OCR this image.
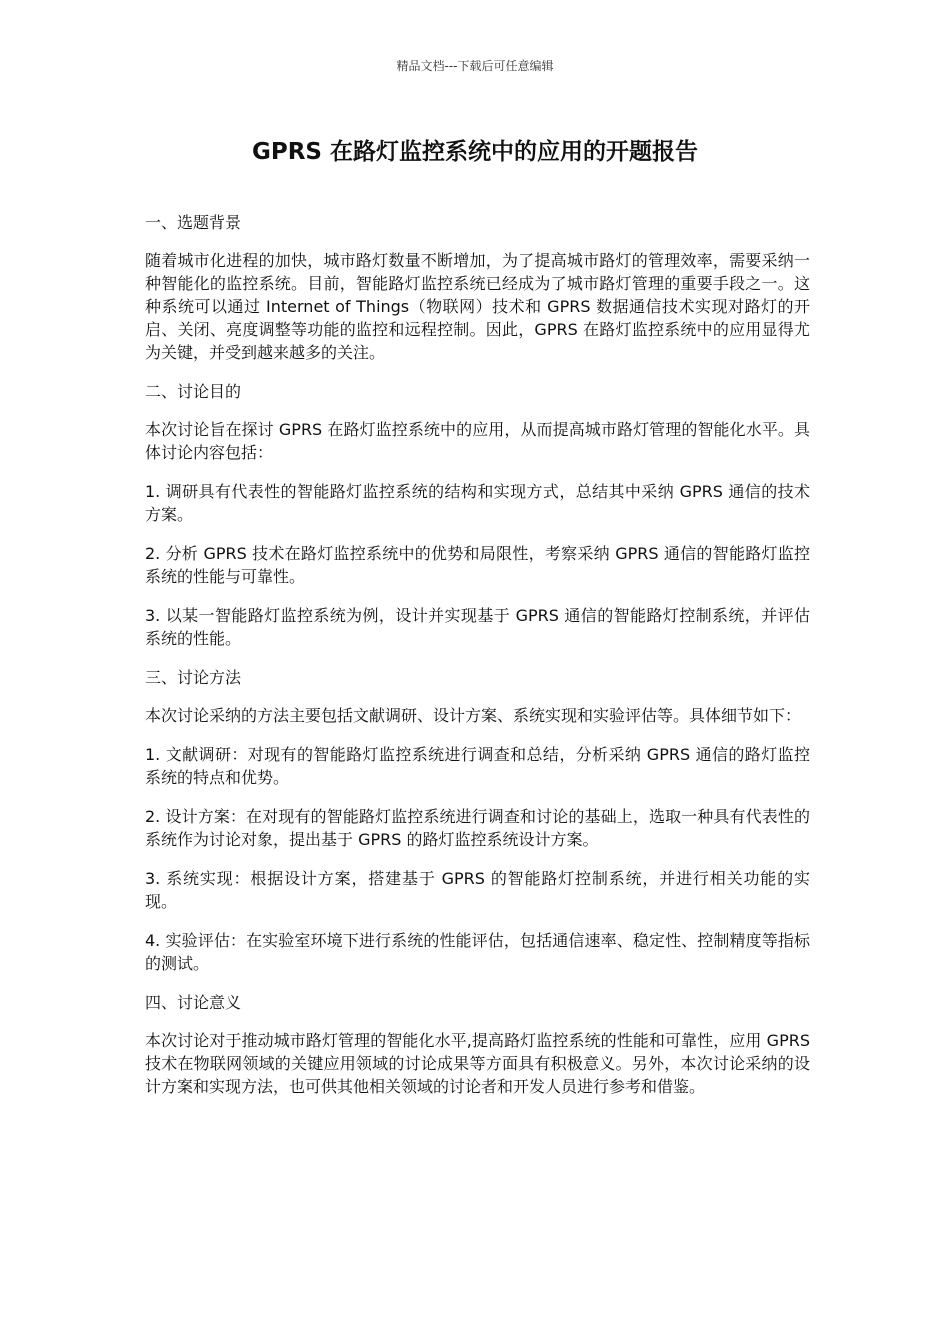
精品文档---下载后可任意编辑
GPRS 在路灯监控系统中的应用的开题报告

一、选题背景

随着城市化进程的加快，城市路灯数量不断增加，为了提高城市路灯的管理效率，需要采纳一种智能化的监控系统。目前，智能路灯监控系统已经成为了城市路灯管理的重要手段之一。这种系统可以通过 Internet of Things（物联网）技术和 GPRS 数据通信技术实现对路灯的开启、关闭、亮度调整等功能的监控和远程控制。因此，GPRS 在路灯监控系统中的应用显得尤为关键，并受到越来越多的关注。

二、讨论目的

本次讨论旨在探讨 GPRS 在路灯监控系统中的应用，从而提高城市路灯管理的智能化水平。具体讨论内容包括：

1. 调研具有代表性的智能路灯监控系统的结构和实现方式，总结其中采纳 GPRS 通信的技术方案。

2. 分析 GPRS 技术在路灯监控系统中的优势和局限性，考察采纳 GPRS 通信的智能路灯监控系统的性能与可靠性。

3. 以某一智能路灯监控系统为例，设计并实现基于 GPRS 通信的智能路灯控制系统，并评估系统的性能。

三、讨论方法

本次讨论采纳的方法主要包括文献调研、设计方案、系统实现和实验评估等。具体细节如下：

1. 文献调研：对现有的智能路灯监控系统进行调查和总结，分析采纳 GPRS 通信的路灯监控系统的特点和优势。

2. 设计方案：在对现有的智能路灯监控系统进行调查和讨论的基础上，选取一种具有代表性的系统作为讨论对象，提出基于 GPRS 的路灯监控系统设计方案。

3. 系统实现：根据设计方案，搭建基于 GPRS 的智能路灯控制系统，并进行相关功能的实现。

4. 实验评估：在实验室环境下进行系统的性能评估，包括通信速率、稳定性、控制精度等指标的测试。

四、讨论意义

本次讨论对于推动城市路灯管理的智能化水平,提高路灯监控系统的性能和可靠性，应用 GPRS 技术在物联网领域的关键应用领域的讨论成果等方面具有积极意义。另外，本次讨论采纳的设计方案和实现方法，也可供其他相关领域的讨论者和开发人员进行参考和借鉴。
